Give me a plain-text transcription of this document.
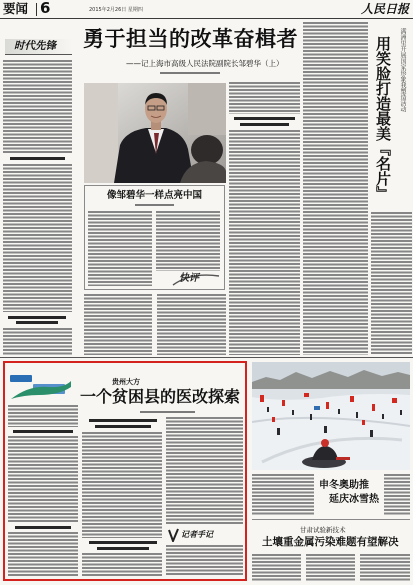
要闻 6	2015年2月26日 星期四	人民日报
时代先锋 勇于担当的改革奋楫者
——记上海市高级人民法院副院长邹碧华（上）
像邹碧华一样点亮中国
快评
满洲里开展国家形象我塑造活动
用笑脸打造最美『名片』
贵州大方
一个贫困县的医改探索
记者手记
申冬奥助推
延庆冰雪热
甘肃试验新技术
土壤重金属污染难题有望解决
